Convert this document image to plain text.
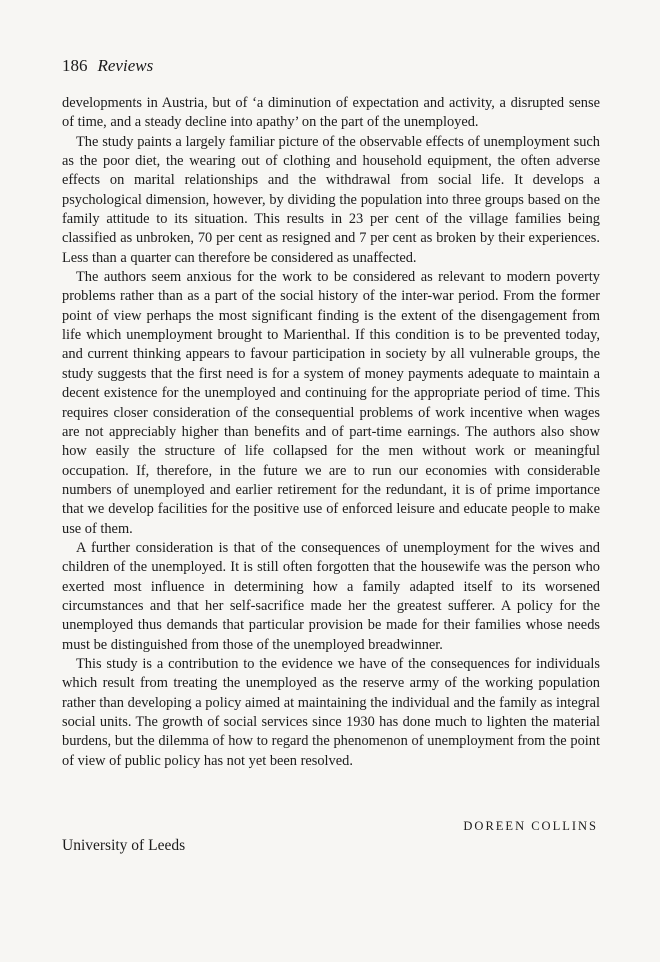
186 Reviews

developments in Austria, but of ‘a diminution of expectation and activity, a disrupted sense of time, and a steady decline into apathy’ on the part of the unemployed.

The study paints a largely familiar picture of the observable effects of unemployment such as the poor diet, the wearing out of clothing and household equipment, the often adverse effects on marital relationships and the withdrawal from social life. It develops a psychological dimension, however, by dividing the population into three groups based on the family attitude to its situation. This results in 23 per cent of the village families being classified as unbroken, 70 per cent as resigned and 7 per cent as broken by their experiences. Less than a quarter can therefore be considered as unaffected.

The authors seem anxious for the work to be considered as relevant to modern poverty problems rather than as a part of the social history of the inter-war period. From the former point of view perhaps the most significant finding is the extent of the disengagement from life which unemployment brought to Marienthal. If this condition is to be prevented today, and current thinking appears to favour participation in society by all vulnerable groups, the study suggests that the first need is for a system of money payments adequate to maintain a decent existence for the unemployed and continuing for the appropriate period of time. This requires closer consideration of the consequential problems of work incentive when wages are not appreciably higher than benefits and of part-time earnings. The authors also show how easily the structure of life collapsed for the men without work or meaningful occupation. If, therefore, in the future we are to run our economies with considerable numbers of unemployed and earlier retirement for the redundant, it is of prime importance that we develop facilities for the positive use of enforced leisure and educate people to make use of them.

A further consideration is that of the consequences of unemployment for the wives and children of the unemployed. It is still often forgotten that the housewife was the person who exerted most influence in determining how a family adapted itself to its worsened circumstances and that her self-sacrifice made her the greatest sufferer. A policy for the unemployed thus demands that particular provision be made for their families whose needs must be distinguished from those of the unemployed breadwinner.

This study is a contribution to the evidence we have of the consequences for individuals which result from treating the unemployed as the reserve army of the working population rather than developing a policy aimed at maintaining the individual and the family as integral social units. The growth of social services since 1930 has done much to lighten the material burdens, but the dilemma of how to regard the phenomenon of unemployment from the point of view of public policy has not yet been resolved.

DOREEN COLLINS
University of Leeds
